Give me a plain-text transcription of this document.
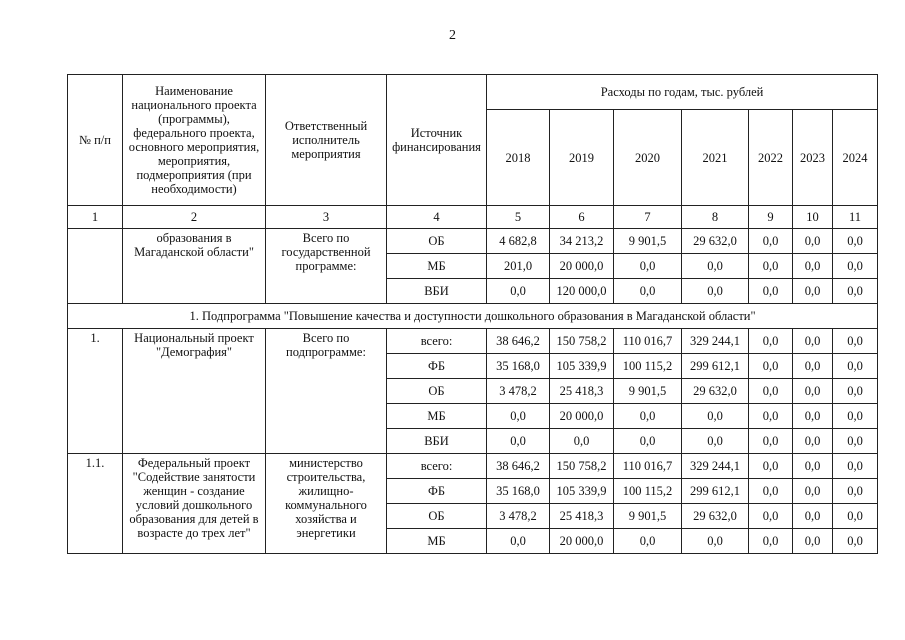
2
№ п/п	Наименование национального проекта (программы), федерального проекта, основного мероприятия, мероприятия, подмероприятия (при необходимости)	Ответственный исполнитель мероприятия	Источник финансирования	Расходы по годам, тыс. рублей						
				2018	2019	2020	2021	2022	2023	2024
1	2	3	4	5	6	7	8	9	10	11
	образования в Магаданской области"	Всего по государственной программе:	ОБ	4 682,8	34 213,2	9 901,5	29 632,0	0,0	0,0	0,0
			МБ	201,0	20 000,0	0,0	0,0	0,0	0,0	0,0
			ВБИ	0,0	120 000,0	0,0	0,0	0,0	0,0	0,0
1. Подпрограмма "Повышение качества и доступности дошкольного образования в Магаданской области"										
1.	Национальный проект "Демография"	Всего по подпрограмме:	всего:	38 646,2	150 758,2	110 016,7	329 244,1	0,0	0,0	0,0
			ФБ	35 168,0	105 339,9	100 115,2	299 612,1	0,0	0,0	0,0
			ОБ	3 478,2	25 418,3	9 901,5	29 632,0	0,0	0,0	0,0
			МБ	0,0	20 000,0	0,0	0,0	0,0	0,0	0,0
			ВБИ	0,0	0,0	0,0	0,0	0,0	0,0	0,0
1.1.	Федеральный проект "Содействие занятости женщин - создание условий дошкольного образования для детей в возрасте до трех лет"	министерство строительства, жилищно-коммунального хозяйства и энергетики	всего:	38 646,2	150 758,2	110 016,7	329 244,1	0,0	0,0	0,0
			ФБ	35 168,0	105 339,9	100 115,2	299 612,1	0,0	0,0	0,0
			ОБ	3 478,2	25 418,3	9 901,5	29 632,0	0,0	0,0	0,0
			МБ	0,0	20 000,0	0,0	0,0	0,0	0,0	0,0
